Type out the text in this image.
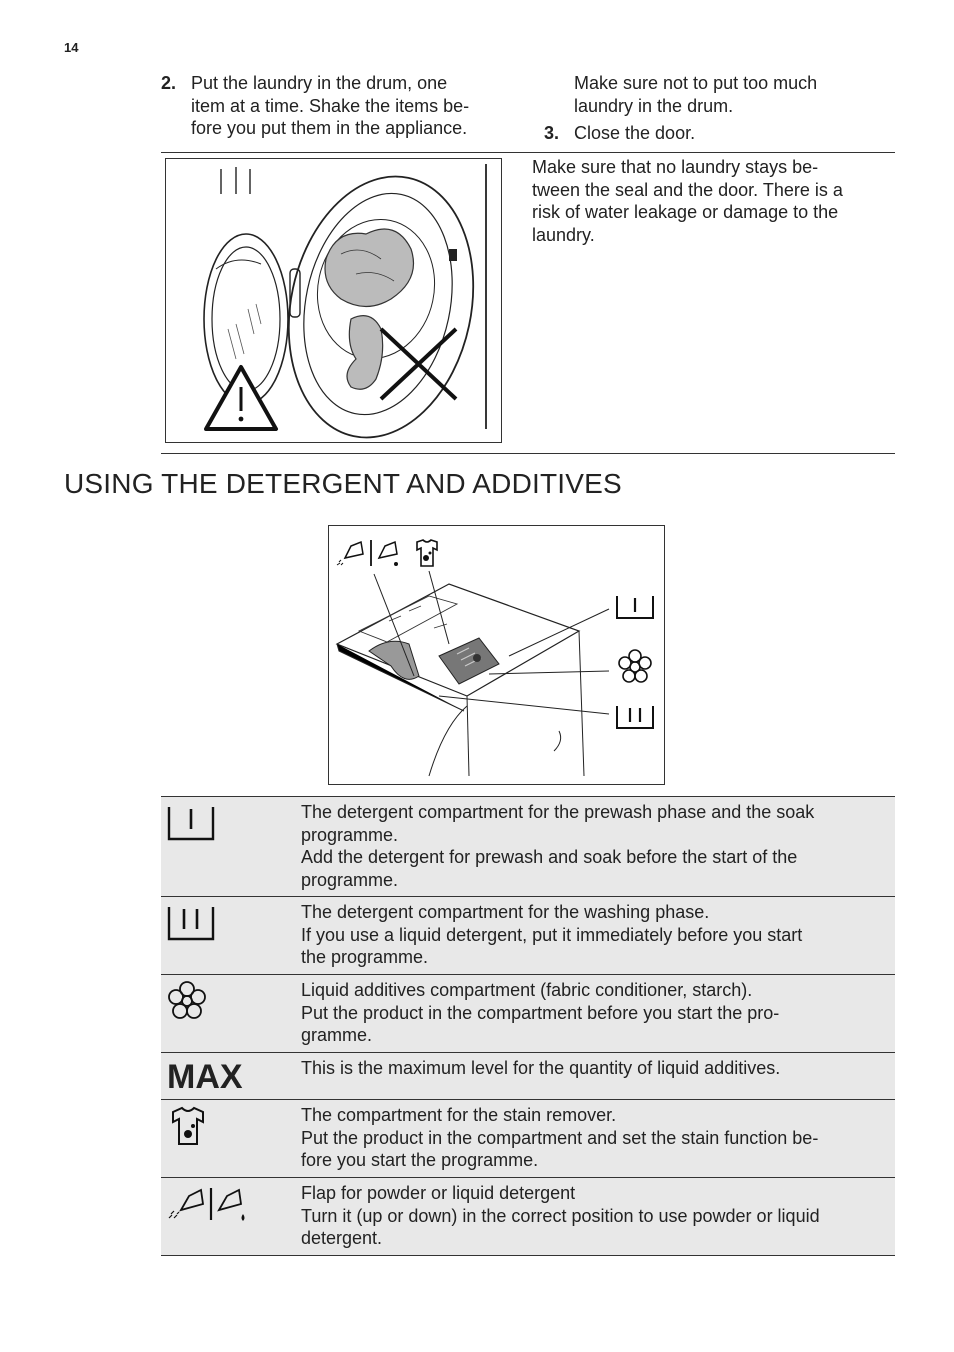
14
2. Put the laundry in the drum, one
item at a time. Shake the items be-
fore you put them in the appliance.
Make sure not to put too much
laundry in the drum.
3. Close the door.
Make sure that no laundry stays be-
tween the seal and the door. There is a
risk of water leakage or damage to the
laundry.
USING THE DETERGENT AND ADDITIVES
The detergent compartment for the prewash phase and the soak
programme.
Add the detergent for prewash and soak before the start of the
programme.
The detergent compartment for the washing phase.
If you use a liquid detergent, put it immediately before you start
the programme.
Liquid additives compartment (fabric conditioner, starch).
Put the product in the compartment before you start the pro-
gramme.
MAX	This is the maximum level for the quantity of liquid additives.
The compartment for the stain remover.
Put the product in the compartment and set the stain function be-
fore you start the programme.
Flap for powder or liquid detergent
Turn it (up or down) in the correct position to use powder or liquid
detergent.
